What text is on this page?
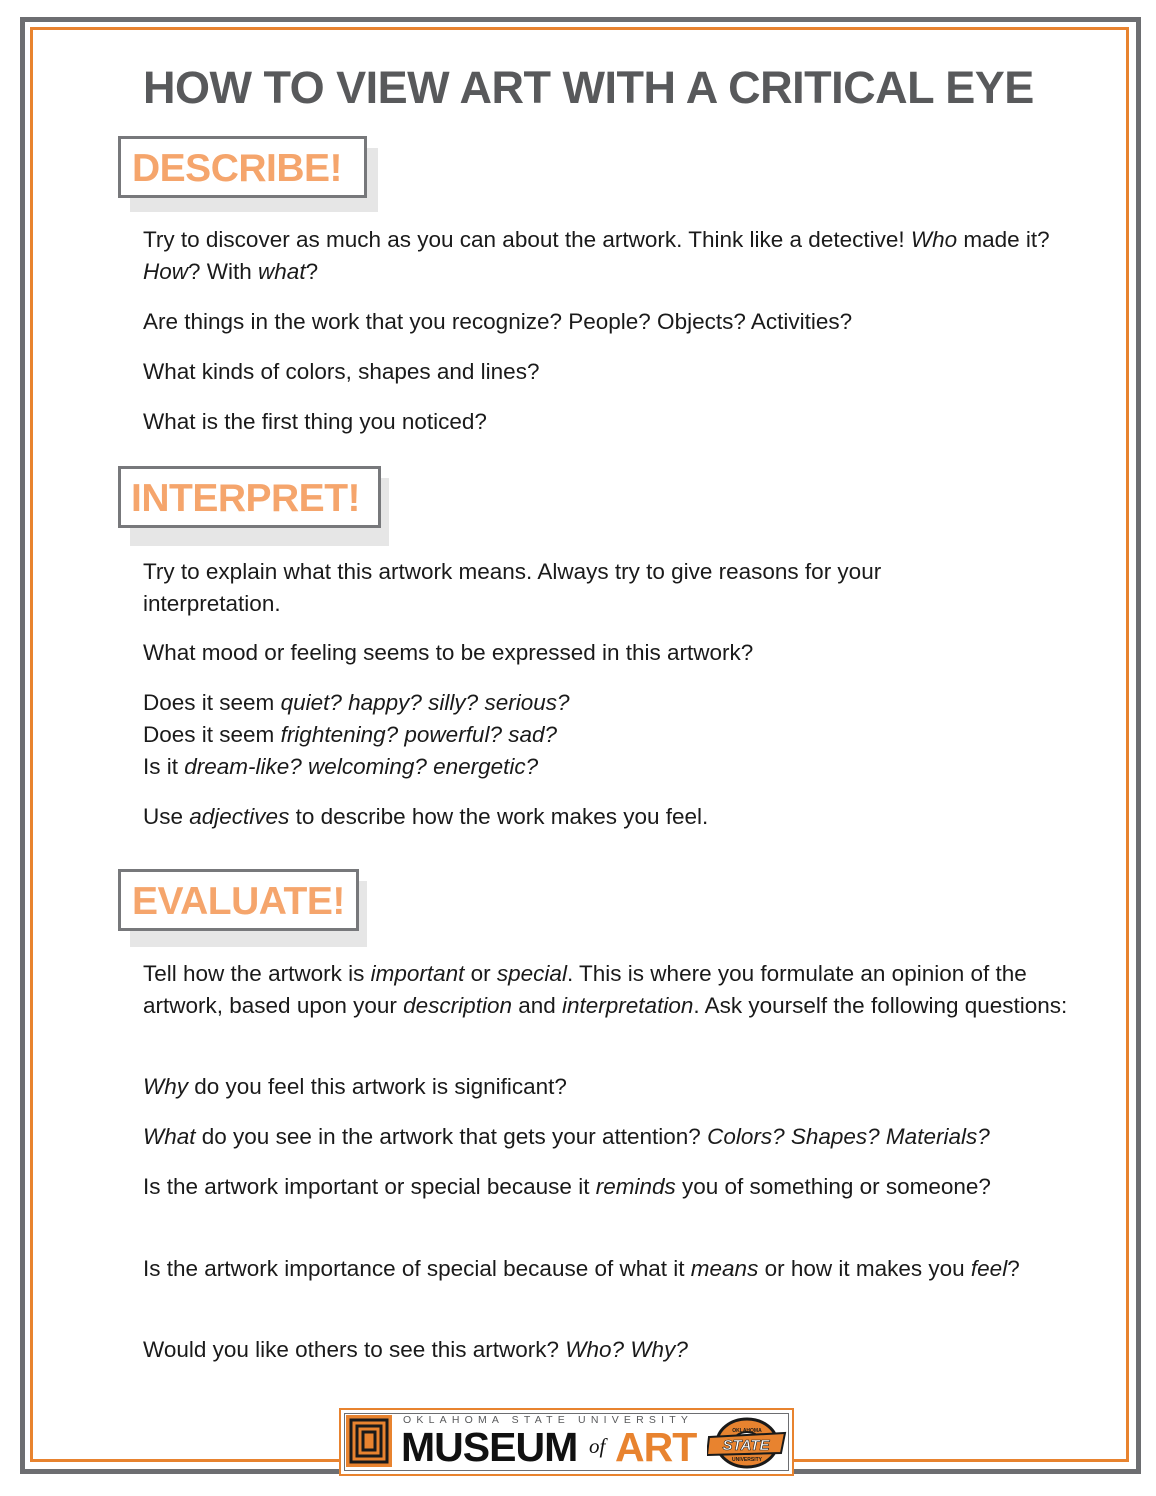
HOW TO VIEW ART WITH A CRITICAL EYE
DESCRIBE!

Try to discover as much as you can about the artwork. Think like a detective! Who made it? How? With what?

Are things in the work that you recognize? People? Objects? Activities?

What kinds of colors, shapes and lines?

What is the first thing you noticed?

INTERPRET!

Try to explain what this artwork means. Always try to give reasons for your interpretation.

What mood or feeling seems to be expressed in this artwork?

Does it seem quiet? happy? silly? serious?
Does it seem frightening? powerful? sad?
Is it dream-like? welcoming? energetic?

Use adjectives to describe how the work makes you feel.

EVALUATE!

Tell how the artwork is important or special. This is where you formulate an opinion of the artwork, based upon your description and interpretation. Ask yourself the following questions:

Why do you feel this artwork is significant?

What do you see in the artwork that gets your attention? Colors? Shapes? Materials?

Is the artwork important or special because it reminds you of something or someone?

Is the artwork importance of special because of what it means or how it makes you feel?

Would you like others to see this artwork? Who? Why?

OKLAHOMA STATE UNIVERSITY
MUSEUM of ART STATE
OKLAHOMA
UNIVERSITY
